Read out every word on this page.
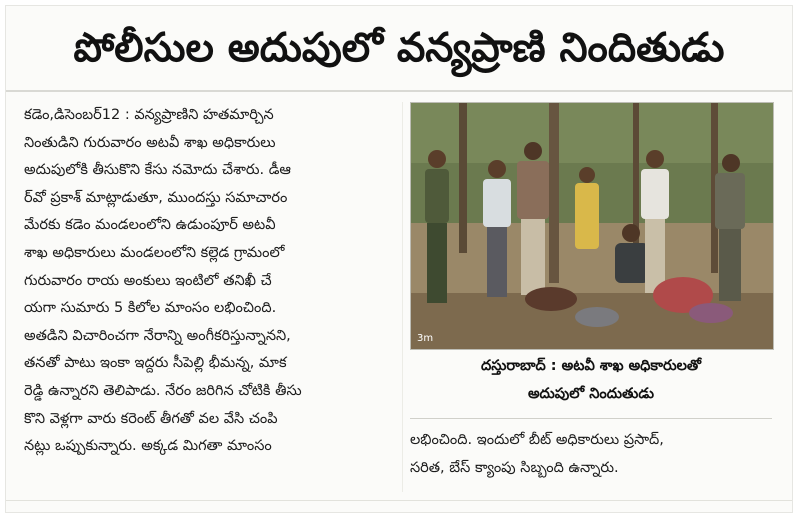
పోలీసుల అదుపులో వన్యప్రాణి నిందితుడు
కడెం,డిసెంబర్12 : వన్యప్రాణిని హతమార్చిన
నింతుడిని గురువారం అటవీ శాఖ అధికారులు
అదుపులోకి తీసుకొని కేసు నమోదు చేశారు. డీఆ
ర్‌వో ప్రకాశ్ మాట్లాడుతూ, ముందస్తు సమాచారం
మేరకు కడెం మండలంలోని ఉడుంపూర్ అటవీ
శాఖ అధికారులు మండలంలోని కల్లెడ గ్రామంలో
గురువారం రాయ అంకులు ఇంటిలో తనిఖీ చే
యగా సుమారు 5 కిలోల మాంసం లభించింది.
అతడిని విచారించగా నేరాన్ని అంగీకరిస్తున్నానని,
తనతో పాటు ఇంకా ఇద్దరు సీపెల్లి భీమన్న, మాక
రెడ్డి ఉన్నారని తెలిపాడు. నేరం జరిగిన చోటికి తీసు
కొని వెళ్లగా వారు కరెంట్ తీగతో వల వేసి చంపి
నట్లు ఒప్పుకున్నారు. అక్కడ మిగతా మాంసం
3m
దస్తురాబాద్ : అటవీ శాఖ అధికారులతో
అదుపులో నిందుతుడు
లభించింది. ఇందులో బీట్ అధికారులు ప్రసాద్,
సరిత, బేస్ క్యాంపు సిబ్బంది ఉన్నారు.
